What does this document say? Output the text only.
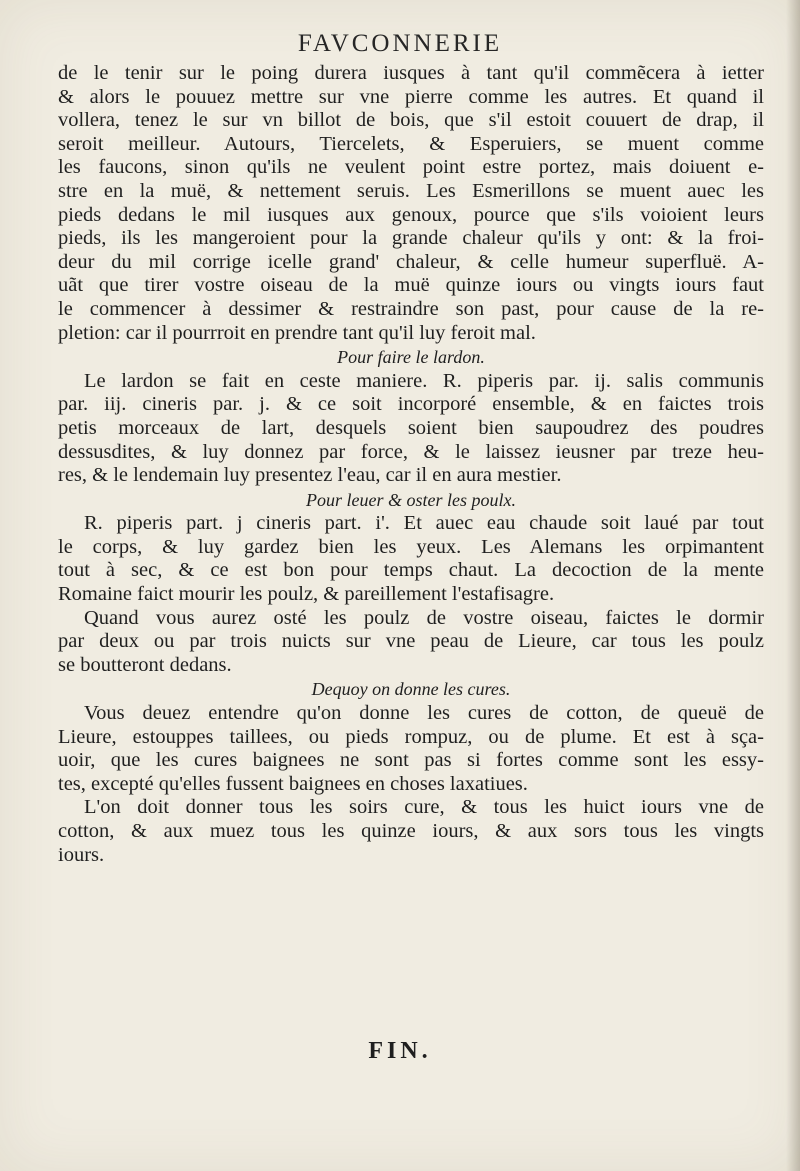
FAVCONNERIE
de le tenir sur le poing durera iusques à tant qu'il commẽcera à ietter
& alors le pouuez mettre sur vne pierre comme les autres. Et quand il
vollera, tenez le sur vn billot de bois, que s'il estoit couuert de drap, il
seroit meilleur. Autours, Tiercelets, & Esperuiers, se muent comme
les faucons, sinon qu'ils ne veulent point estre portez, mais doiuent e-
stre en la muë, & nettement seruis. Les Esmerillons se muent auec les
pieds dedans le mil iusques aux genoux, pource que s'ils voioient leurs
pieds, ils les mangeroient pour la grande chaleur qu'ils y ont: & la froi-
deur du mil corrige icelle grand' chaleur, & celle humeur superfluë. A-
uãt que tirer vostre oiseau de la muë quinze iours ou vingts iours faut
le commencer à dessimer & restraindre son past, pour cause de la re-
pletion: car il pourrroit en prendre tant qu'il luy feroit mal.
Pour faire le lardon.
Le lardon se fait en ceste maniere. R. piperis par. ij. salis communis
par. iij. cineris par. j. & ce soit incorporé ensemble, & en faictes trois
petis morceaux de lart, desquels soient bien saupoudrez des poudres
dessusdites, & luy donnez par force, & le laissez ieusner par treze heu-
res, & le lendemain luy presentez l'eau, car il en aura mestier.
Pour leuer & oster les poulx.
R. piperis part. j cineris part. i'. Et auec eau chaude soit laué par tout
le corps, & luy gardez bien les yeux. Les Alemans les orpimantent
tout à sec, & ce est bon pour temps chaut. La decoction de la mente
Romaine faict mourir les poulz, & pareillement l'estafisagre.
Quand vous aurez osté les poulz de vostre oiseau, faictes le dormir
par deux ou par trois nuicts sur vne peau de Lieure, car tous les poulz
se boutteront dedans.
Dequoy on donne les cures.
Vous deuez entendre qu'on donne les cures de cotton, de queuë de
Lieure, estouppes taillees, ou pieds rompuz, ou de plume. Et est à sça-
uoir, que les cures baignees ne sont pas si fortes comme sont les essy-
tes, excepté qu'elles fussent baignees en choses laxatiues.
L'on doit donner tous les soirs cure, & tous les huict iours vne de
cotton, & aux muez tous les quinze iours, & aux sors tous les vingts
iours.
FIN.
